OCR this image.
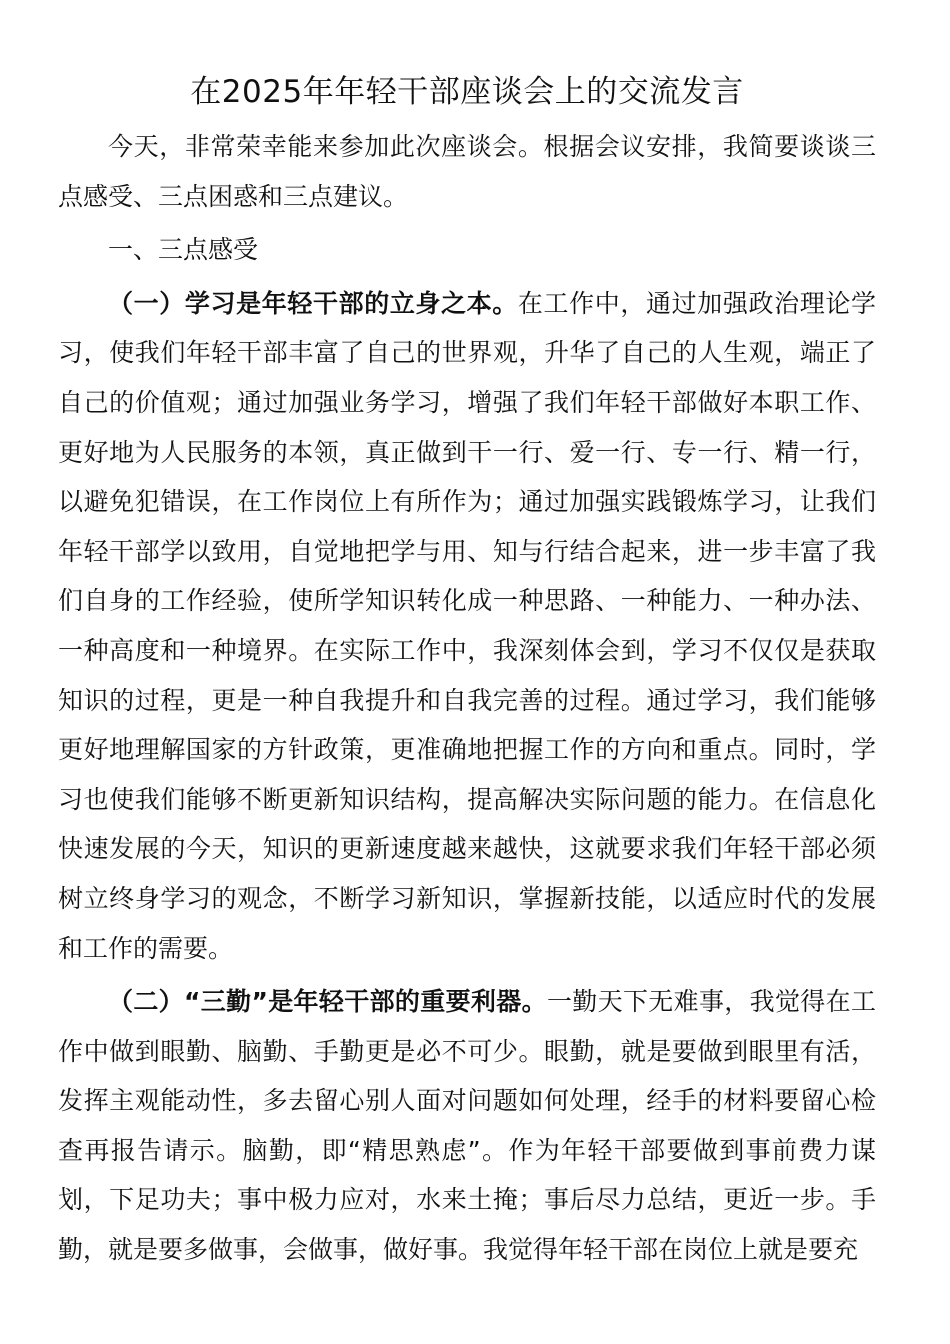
在2025年年轻干部座谈会上的交流发言

今天，非常荣幸能来参加此次座谈会。根据会议安排，我简要谈谈三点感受、三点困惑和三点建议。

一、三点感受

（一）学习是年轻干部的立身之本。在工作中，通过加强政治理论学习，使我们年轻干部丰富了自己的世界观，升华了自己的人生观，端正了自己的价值观；通过加强业务学习，增强了我们年轻干部做好本职工作、更好地为人民服务的本领，真正做到干一行、爱一行、专一行、精一行，以避免犯错误，在工作岗位上有所作为；通过加强实践锻炼学习，让我们年轻干部学以致用，自觉地把学与用、知与行结合起来，进一步丰富了我们自身的工作经验，使所学知识转化成一种思路、一种能力、一种办法、一种高度和一种境界。在实际工作中，我深刻体会到，学习不仅仅是获取知识的过程，更是一种自我提升和自我完善的过程。通过学习，我们能够更好地理解国家的方针政策，更准确地把握工作的方向和重点。同时，学习也使我们能够不断更新知识结构，提高解决实际问题的能力。在信息化快速发展的今天，知识的更新速度越来越快，这就要求我们年轻干部必须树立终身学习的观念，不断学习新知识，掌握新技能，以适应时代的发展和工作的需要。

（二）“三勤”是年轻干部的重要利器。一勤天下无难事，我觉得在工作中做到眼勤、脑勤、手勤更是必不可少。眼勤，就是要做到眼里有活，发挥主观能动性，多去留心别人面对问题如何处理，经手的材料要留心检查再报告请示。脑勤，即“精思熟虑”。作为年轻干部要做到事前费力谋划，下足功夫；事中极力应对，水来土掩；事后尽力总结，更近一步。手勤，就是要多做事，会做事，做好事。我觉得年轻干部在岗位上就是要充
